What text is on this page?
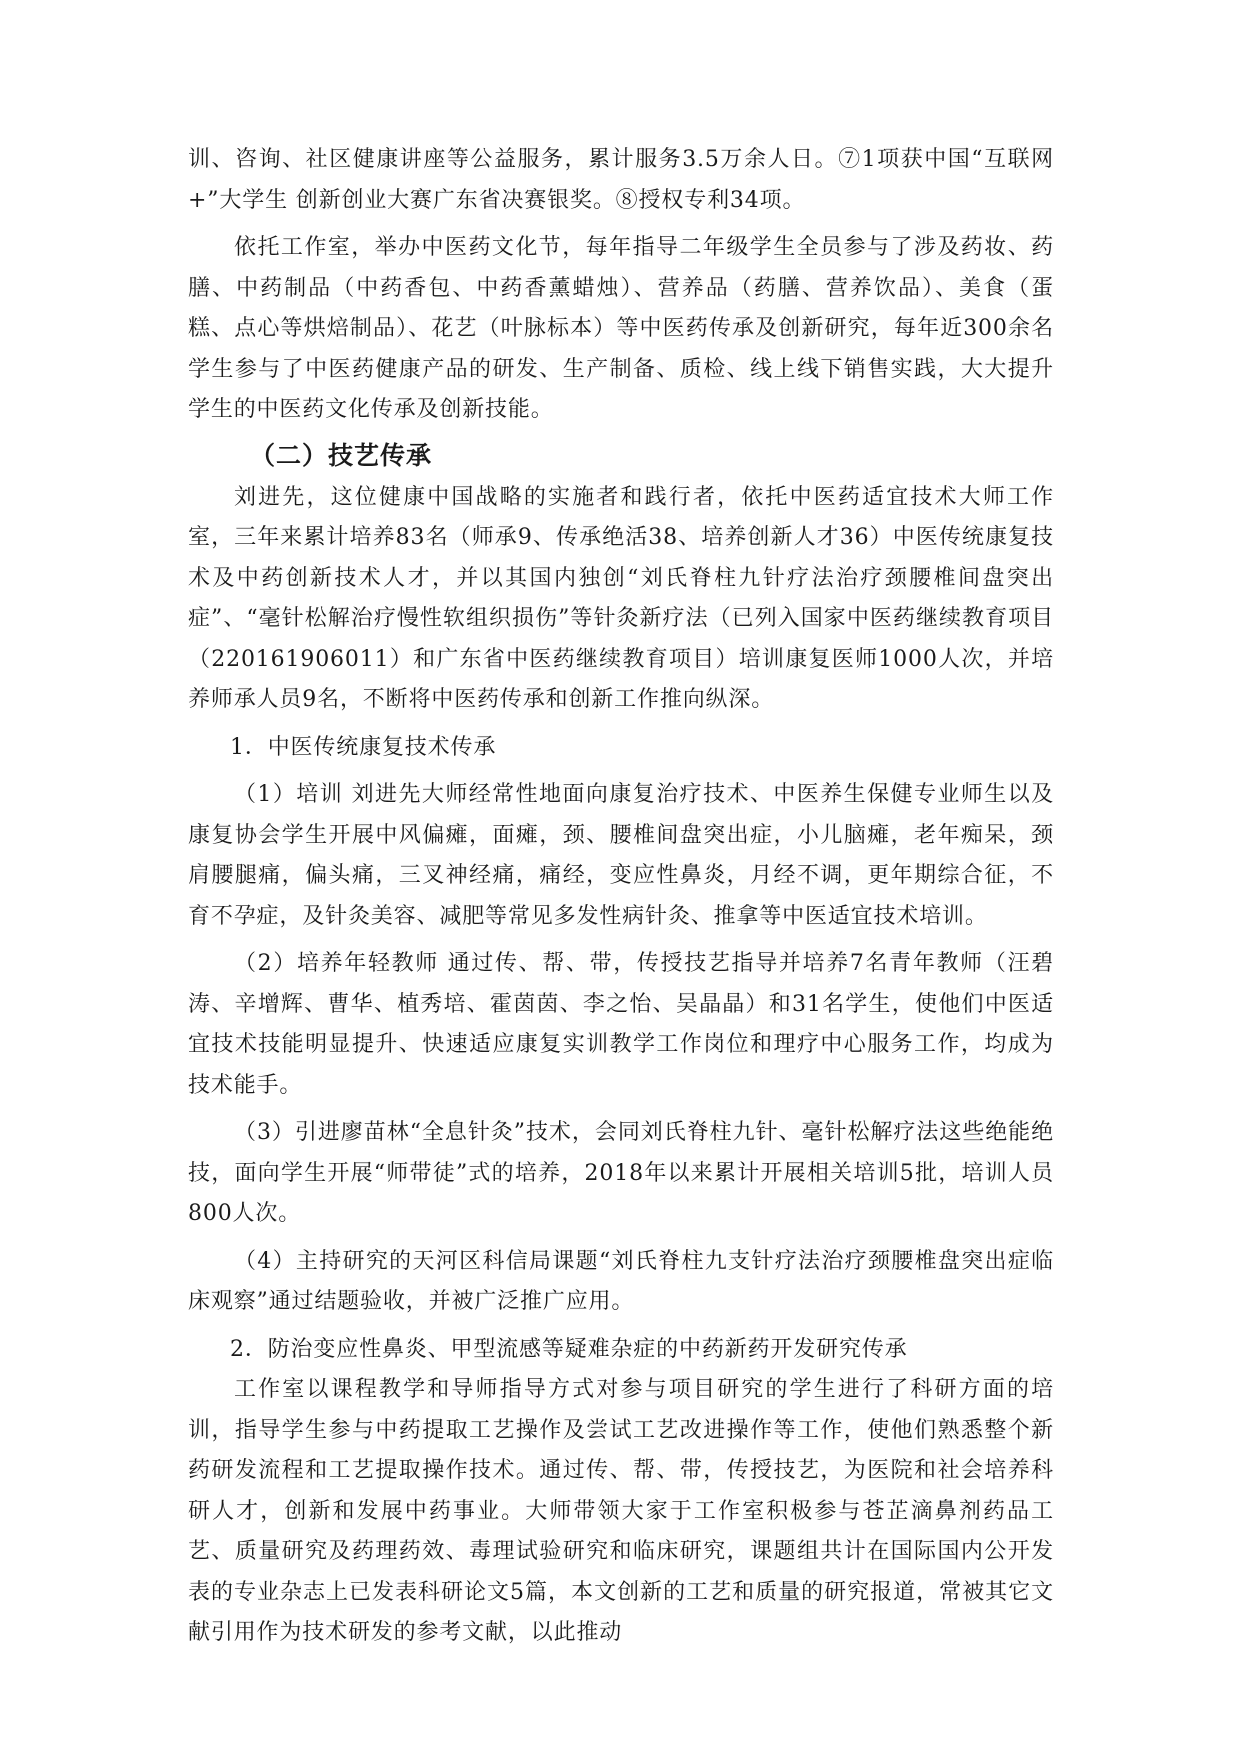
训、咨询、社区健康讲座等公益服务，累计服务3.5万余人日。⑦1项获中国“互联网+”大学生 创新创业大赛广东省决赛银奖。⑧授权专利34项。

依托工作室，举办中医药文化节，每年指导二年级学生全员参与了涉及药妆、药膳、中药制品（中药香包、中药香薰蜡烛）、营养品（药膳、营养饮品）、美食（蛋糕、点心等烘焙制品）、花艺（叶脉标本）等中医药传承及创新研究，每年近300余名学生参与了中医药健康产品的研发、生产制备、质检、线上线下销售实践，大大提升学生的中医药文化传承及创新技能。

（二）技艺传承

刘进先，这位健康中国战略的实施者和践行者，依托中医药适宜技术大师工作室，三年来累计培养83名（师承9、传承绝活38、培养创新人才36）中医传统康复技术及中药创新技术人才，并以其国内独创“刘氏脊柱九针疗法治疗颈腰椎间盘突出症”、“毫针松解治疗慢性软组织损伤”等针灸新疗法（已列入国家中医药继续教育项目（220161906011）和广东省中医药继续教育项目）培训康复医师1000人次，并培养师承人员9名，不断将中医药传承和创新工作推向纵深。

1．中医传统康复技术传承

（1）培训 刘进先大师经常性地面向康复治疗技术、中医养生保健专业师生以及康复协会学生开展中风偏瘫，面瘫，颈、腰椎间盘突出症，小儿脑瘫，老年痴呆，颈肩腰腿痛，偏头痛，三叉神经痛，痛经，变应性鼻炎，月经不调，更年期综合征，不育不孕症，及针灸美容、减肥等常见多发性病针灸、推拿等中医适宜技术培训。

（2）培养年轻教师 通过传、帮、带，传授技艺指导并培养7名青年教师（汪碧涛、辛增辉、曹华、植秀培、霍茵茵、李之怡、吴晶晶）和31名学生，使他们中医适宜技术技能明显提升、快速适应康复实训教学工作岗位和理疗中心服务工作，均成为技术能手。

（3）引进廖苗林“全息针灸”技术，会同刘氏脊柱九针、毫针松解疗法这些绝能绝技，面向学生开展“师带徒”式的培养，2018年以来累计开展相关培训5批，培训人员800人次。

（4）主持研究的天河区科信局课题“刘氏脊柱九支针疗法治疗颈腰椎盘突出症临床观察”通过结题验收，并被广泛推广应用。

2．防治变应性鼻炎、甲型流感等疑难杂症的中药新药开发研究传承

工作室以课程教学和导师指导方式对参与项目研究的学生进行了科研方面的培训，指导学生参与中药提取工艺操作及尝试工艺改进操作等工作，使他们熟悉整个新药研发流程和工艺提取操作技术。通过传、帮、带，传授技艺，为医院和社会培养科研人才，创新和发展中药事业。大师带领大家于工作室积极参与苍芷滴鼻剂药品工艺、质量研究及药理药效、毒理试验研究和临床研究，课题组共计在国际国内公开发表的专业杂志上已发表科研论文5篇，本文创新的工艺和质量的研究报道，常被其它文献引用作为技术研发的参考文献，以此推动
